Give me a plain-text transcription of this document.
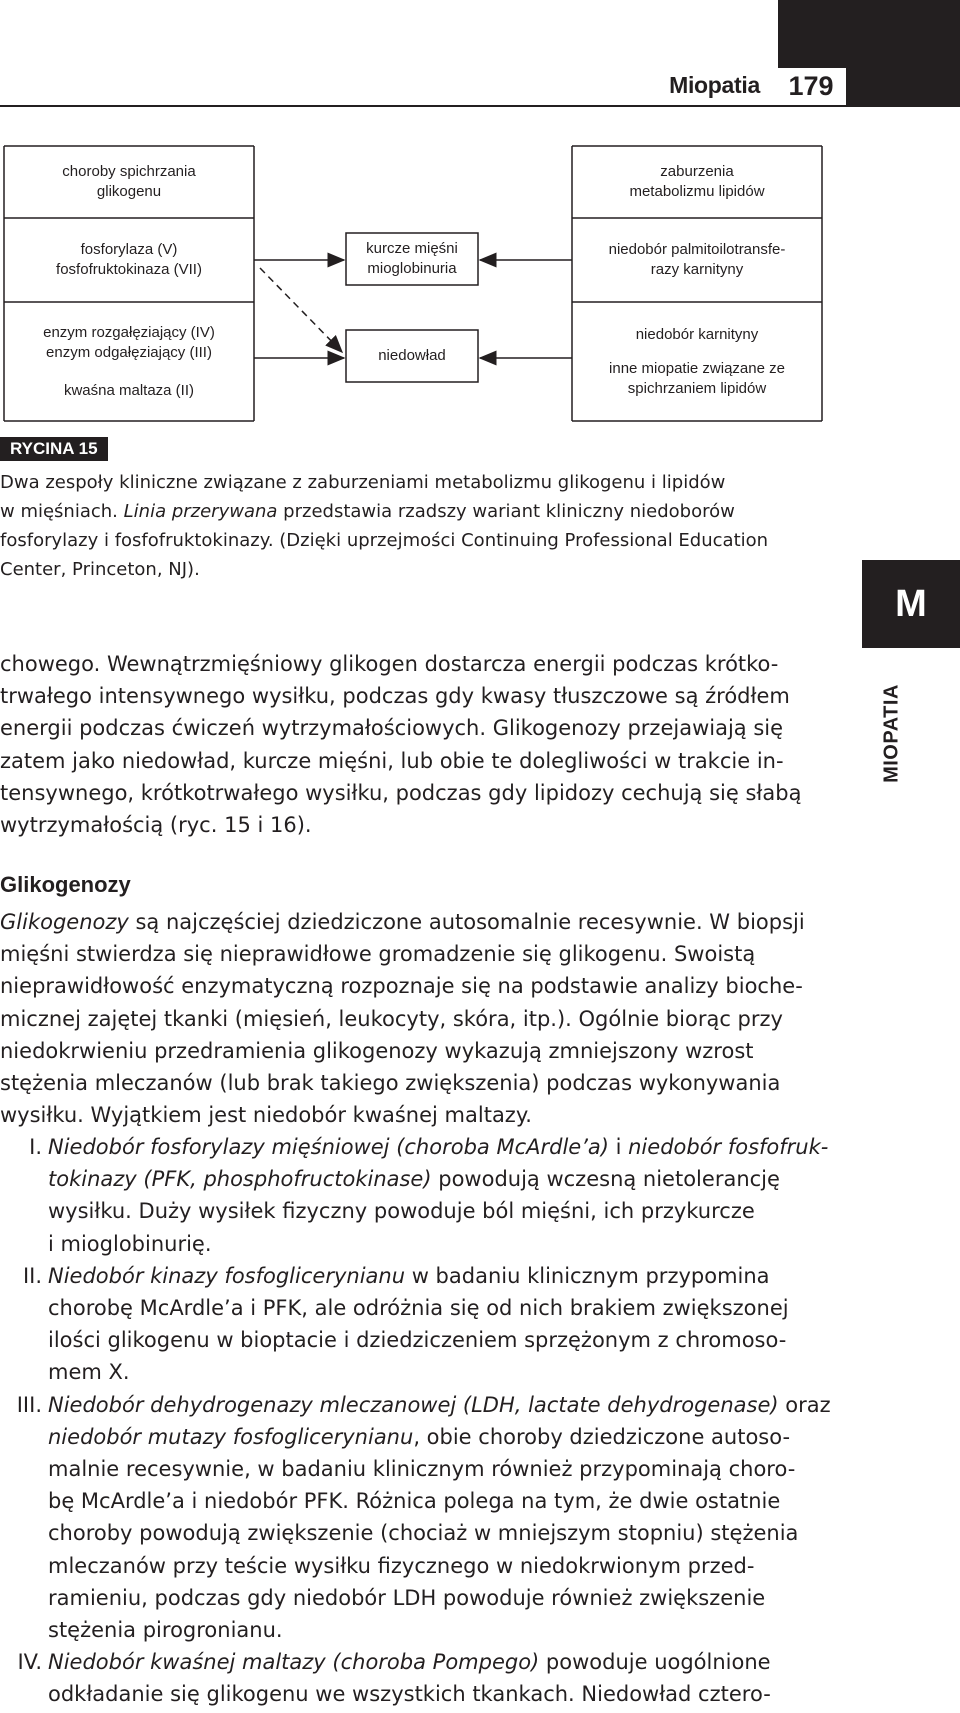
Miopatia	179
choroby spichrzania
glikogenu
fosforylaza (V)
fosfofruktokinaza (VII)
enzym rozgałęziający (IV)
enzym odgałęziający (III)
kwaśna maltaza (II)
kurcze mięśni
mioglobinuria
niedowład
zaburzenia
metabolizmu lipidów
niedobór palmitoilotransfe-
razy karnityny
niedobór karnityny
inne miopatie związane ze
spichrzaniem lipidów
RYCINA 15

Dwa zespoły kliniczne związane z zaburzeniami metabolizmu glikogenu i lipidów

w mięśniach. Linia przerywana przedstawia rzadszy wariant kliniczny niedoborów

fosforylazy i fosfofruktokinazy. (Dzięki uprzejmości Continuing Professional Education

Center, Princeton, NJ).

M
MIOPATIA

chowego. Wewnątrzmięśniowy glikogen dostarcza energii podczas krótko-

trwałego intensywnego wysiłku, podczas gdy kwasy tłuszczowe są źródłem

energii podczas ćwiczeń wytrzymałościowych. Glikogenozy przejawiają się

zatem jako niedowład, kurcze mięśni, lub obie te dolegliwości w trakcie in-

tensywnego, krótkotrwałego wysiłku, podczas gdy lipidozy cechują się słabą

wytrzymałością (ryc. 15 i 16).

Glikogenozy

Glikogenozy są najczęściej dziedziczone autosomalnie recesywnie. W biopsji

mięśni stwierdza się nieprawidłowe gromadzenie się glikogenu. Swoistą

nieprawidłowość enzymatyczną rozpoznaje się na podstawie analizy bioche-

micznej zajętej tkanki (mięsień, leukocyty, skóra, itp.). Ogólnie biorąc przy

niedokrwieniu przedramienia glikogenozy wykazują zmniejszony wzrost

stężenia mleczanów (lub brak takiego zwiększenia) podczas wykonywania

wysiłku. Wyjątkiem jest niedobór kwaśnej maltazy.

I. Niedobór fosforylazy mięśniowej (choroba McArdle’a) i niedobór fosfofruk-

tokinazy (PFK, phosphofructokinase) powodują wczesną nietolerancję

wysiłku. Duży wysiłek fizyczny powoduje ból mięśni, ich przykurcze

i mioglobinurię.

II. Niedobór kinazy fosfoglicerynianu w badaniu klinicznym przypomina

chorobę McArdle’a i PFK, ale odróżnia się od nich brakiem zwiększonej

ilości glikogenu w bioptacie i dziedziczeniem sprzężonym z chromoso-

mem X.

III. Niedobór dehydrogenazy mleczanowej (LDH, lactate dehydrogenase) oraz

niedobór mutazy fosfoglicerynianu, obie choroby dziedziczone autoso-

malnie recesywnie, w badaniu klinicznym również przypominają choro-

bę McArdle’a i niedobór PFK. Różnica polega na tym, że dwie ostatnie

choroby powodują zwiększenie (chociaż w mniejszym stopniu) stężenia

mleczanów przy teście wysiłku fizycznego w niedokrwionym przed-

ramieniu, podczas gdy niedobór LDH powoduje również zwiększenie

stężenia pirogronianu.

IV. Niedobór kwaśnej maltazy (choroba Pompego) powoduje uogólnione

odkładanie się glikogenu we wszystkich tkankach. Niedowład cztero-
